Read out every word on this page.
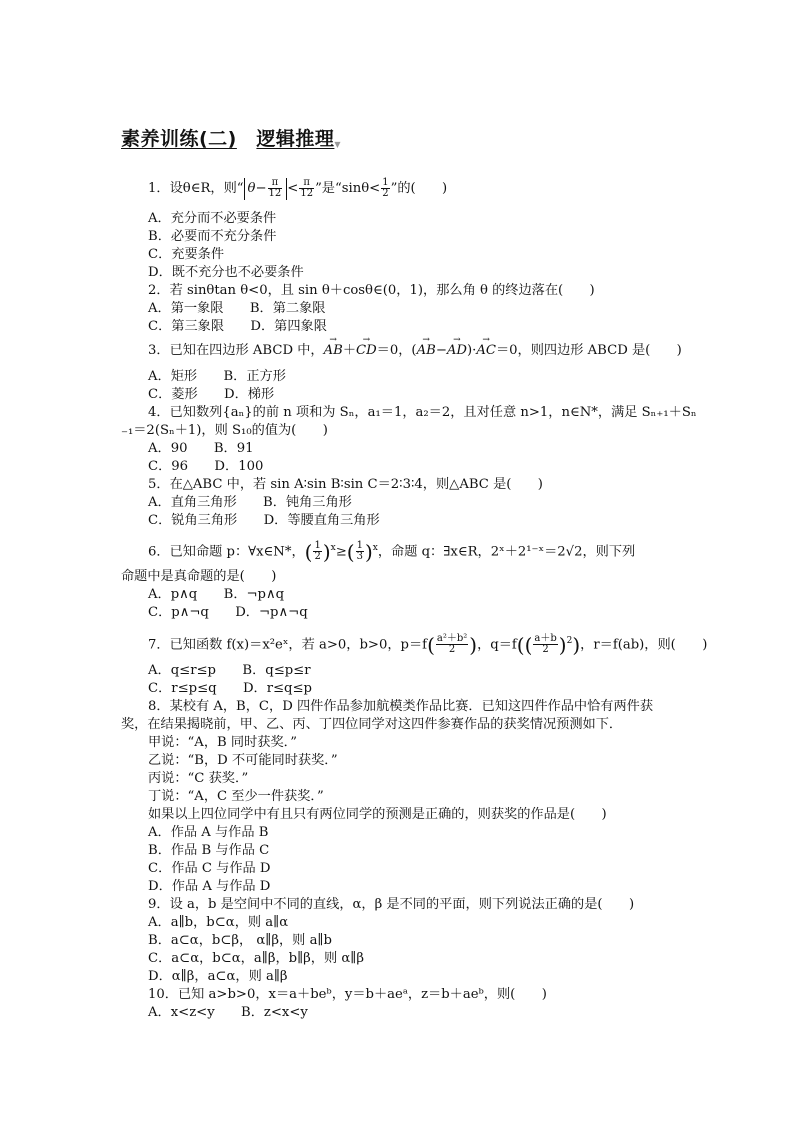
素养训练(二)　 逻辑推理▼
1．设θ∈R，则“ $\theta- \frac{\pi}{12} < \frac{\pi}{12}$ ”是“$\sin\theta< \frac{1}{2}$ ”的(　　)
A．充分而不必要条件
B．必要而不充分条件
C．充要条件
D．既不充分也不必要条件
2．若 sinθtan θ<0，且 sin θ＋cosθ∈(0，1)，那么角 θ 的终边落在(　　)
A．第一象限　　B．第二象限
C．第三象限　　D．第四象限
3．已知在四边形 ABCD 中，→ AB＋→ CD＝0，(→ AB−→ AD)·→ AC＝0，则四边形 ABCD 是(　　)
A．矩形　　B．正方形
C．菱形　　D．梯形
4．已知数列{aₙ}的前 n 项和为 Sₙ，a₁＝1，a₂＝2，且对任意 n>1，n∈N*，满足 Sₙ₊₁＋Sₙ
₋₁＝2(Sₙ＋1)，则 S₁₀的值为(　　)
A．90　　B．91
C．96　　D．100
5．在△ABC 中，若 sin A∶sin B∶sin C＝2∶3∶4，则△ABC 是(　　)
A．直角三角形　　B．钝角三角形
C．锐角三角形　　D．等腰直角三角形
6．已知命题 p：∀x∈N*，( $\frac{1}{2} )^x\ge( \frac{1}{3} )^x$，命题 q：∃x∈R，2ˣ＋2¹⁻ˣ＝2√2，则下列
命题中是真命题的是(　　)
A．p∧q　　B．¬p∧q
C．p∧¬q　　D．¬p∧¬q
7．已知函数 f(x)＝x²eˣ，若 a>0，b>0，$p=f( \frac{\text{a²＋b²}}{2}$ )，$q=f(( \frac{a+b}{2} )^2)$，r＝f(ab)，则(　　)
A．q≤r≤p　　B．q≤p≤r
C．r≤p≤q　　D．r≤q≤p
8．某校有 A，B，C，D 四件作品参加航模类作品比赛．已知这四件作品中恰有两件获
奖，在结果揭晓前，甲、乙、丙、丁四位同学对这四件参赛作品的获奖情况预测如下．
甲说：“A，B 同时获奖．”
乙说：“B，D 不可能同时获奖．”
丙说：“C 获奖．”
丁说：“A，C 至少一件获奖．”
如果以上四位同学中有且只有两位同学的预测是正确的，则获奖的作品是(　　)
A．作品 A 与作品 B
B．作品 B 与作品 C
C．作品 C 与作品 D
D．作品 A 与作品 D
9．设 a，b 是空间中不同的直线，α，β 是不同的平面，则下列说法正确的是(　　)
A．a∥b，b⊂α，则 a∥α
B．a⊂α，b⊂β， α∥β，则 a∥b
C．a⊂α，b⊂α，a∥β，b∥β，则 α∥β
D．α∥β，a⊂α，则 a∥β
10．已知 a>b>0，x＝a＋beᵇ，y＝b＋aeᵃ，z＝b＋aeᵇ，则(　　)
A．x<z<y　　B．z<x<y
